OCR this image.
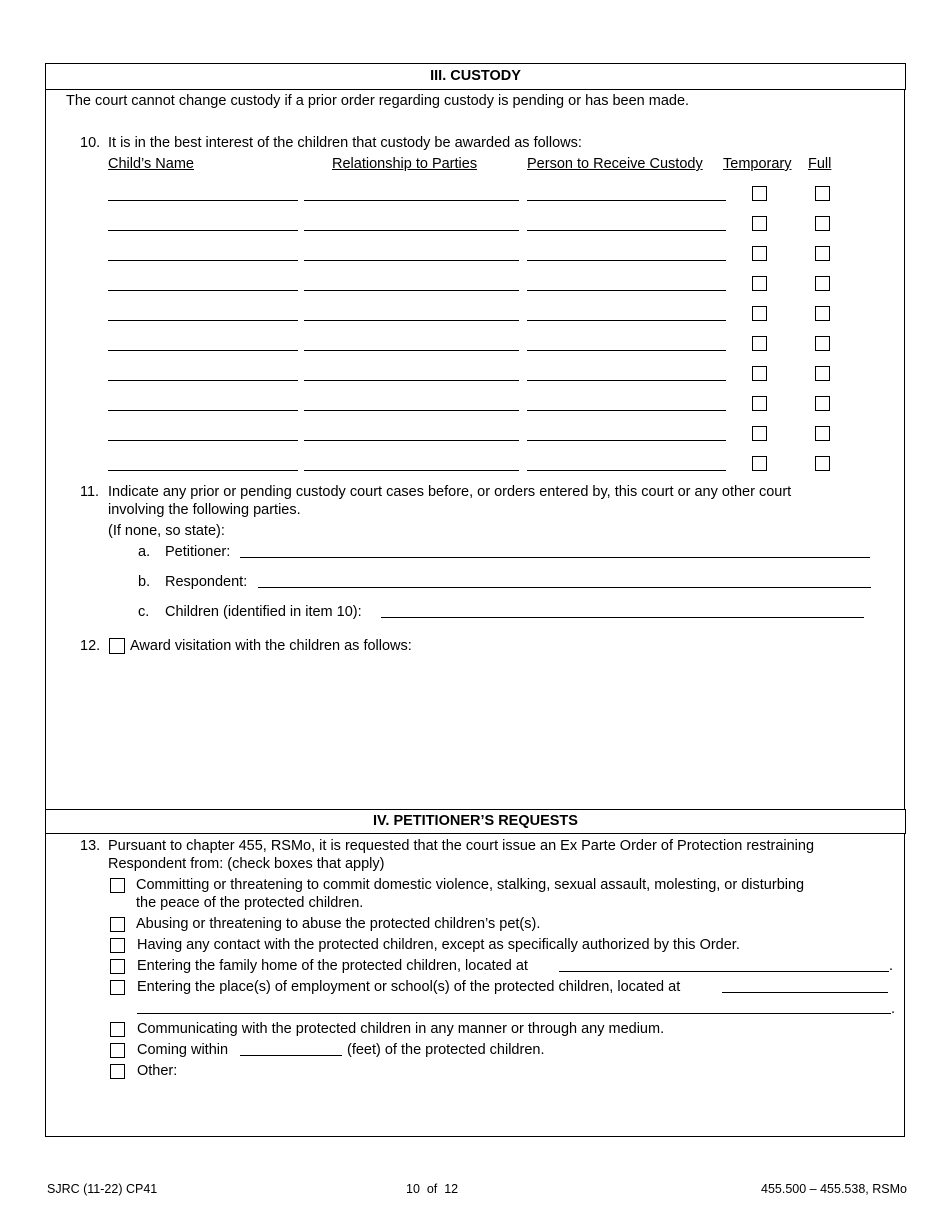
III. CUSTODY
The court cannot change custody if a prior order regarding custody is pending or has been made.
10. It is in the best interest of the children that custody be awarded as follows:
Child’s Name	Relationship to Parties	Person to Receive Custody Temporary Full
11. Indicate any prior or pending custody court cases before, or orders entered by, this court or any other court
involving the following parties.
(If none, so state):
a. Petitioner:
b. Respondent:
c. Children (identified in item 10):
12. Award visitation with the children as follows:
IV. PETITIONER’S REQUESTS
13. Pursuant to chapter 455, RSMo, it is requested that the court issue an Ex Parte Order of Protection restraining
Respondent from: (check boxes that apply)
Committing or threatening to commit domestic violence, stalking, sexual assault, molesting, or disturbing
the peace of the protected children.
Abusing or threatening to abuse the protected children’s pet(s).
Having any contact with the protected children, except as specifically authorized by this Order.
Entering the family home of the protected children, located at	.
Entering the place(s) of employment or school(s) of the protected children, located at
.
Communicating with the protected children in any manner or through any medium.
Coming within	(feet) of the protected children.
Other:
SJRC (11-22) CP41	10  of  12	455.500 – 455.538, RSMo
